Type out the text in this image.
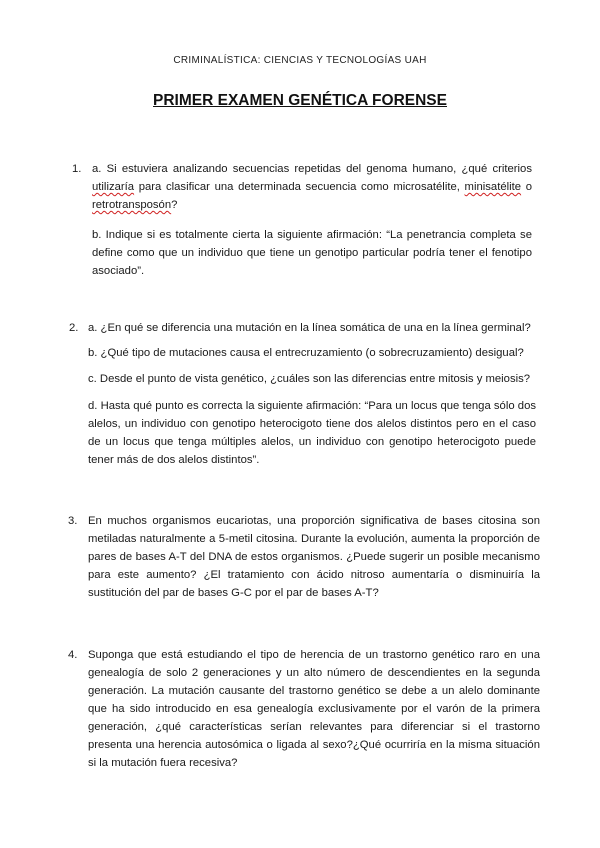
CRIMINALÍSTICA: CIENCIAS Y TECNOLOGÍAS UAH
PRIMER EXAMEN GENÉTICA FORENSE
1. a. Si estuviera analizando secuencias repetidas del genoma humano, ¿qué criterios utilizaría para clasificar una determinada secuencia como microsatélite, minisatélite o retrotransposón?
b. Indique si es totalmente cierta la siguiente afirmación: “La penetrancia completa se define como que un individuo que tiene un genotipo particular podría tener el fenotipo asociado”.
2. a. ¿En qué se diferencia una mutación en la línea somática de una en la línea germinal?
b. ¿Qué tipo de mutaciones causa el entrecruzamiento (o sobrecruzamiento) desigual?
c. Desde el punto de vista genético, ¿cuáles son las diferencias entre mitosis y meiosis?
d. Hasta qué punto es correcta la siguiente afirmación: “Para un locus que tenga sólo dos alelos, un individuo con genotipo heterocigoto tiene dos alelos distintos pero en el caso de un locus que tenga múltiples alelos, un individuo con genotipo heterocigoto puede tener más de dos alelos distintos”.
3. En muchos organismos eucariotas, una proporción significativa de bases citosina son metiladas naturalmente a 5-metil citosina. Durante la evolución, aumenta la proporción de pares de bases A-T del DNA de estos organismos. ¿Puede sugerir un posible mecanismo para este aumento? ¿El tratamiento con ácido nitroso aumentaría o disminuiría la sustitución del par de bases G-C por el par de bases A-T?
4. Suponga que está estudiando el tipo de herencia de un trastorno genético raro en una genealogía de solo 2 generaciones y un alto número de descendientes en la segunda generación. La mutación causante del trastorno genético se debe a un alelo dominante que ha sido introducido en esa genealogía exclusivamente por el varón de la primera generación, ¿qué características serían relevantes para diferenciar si el trastorno presenta una herencia autosómica o ligada al sexo?¿Qué ocurriría en la misma situación si la mutación fuera recesiva?
